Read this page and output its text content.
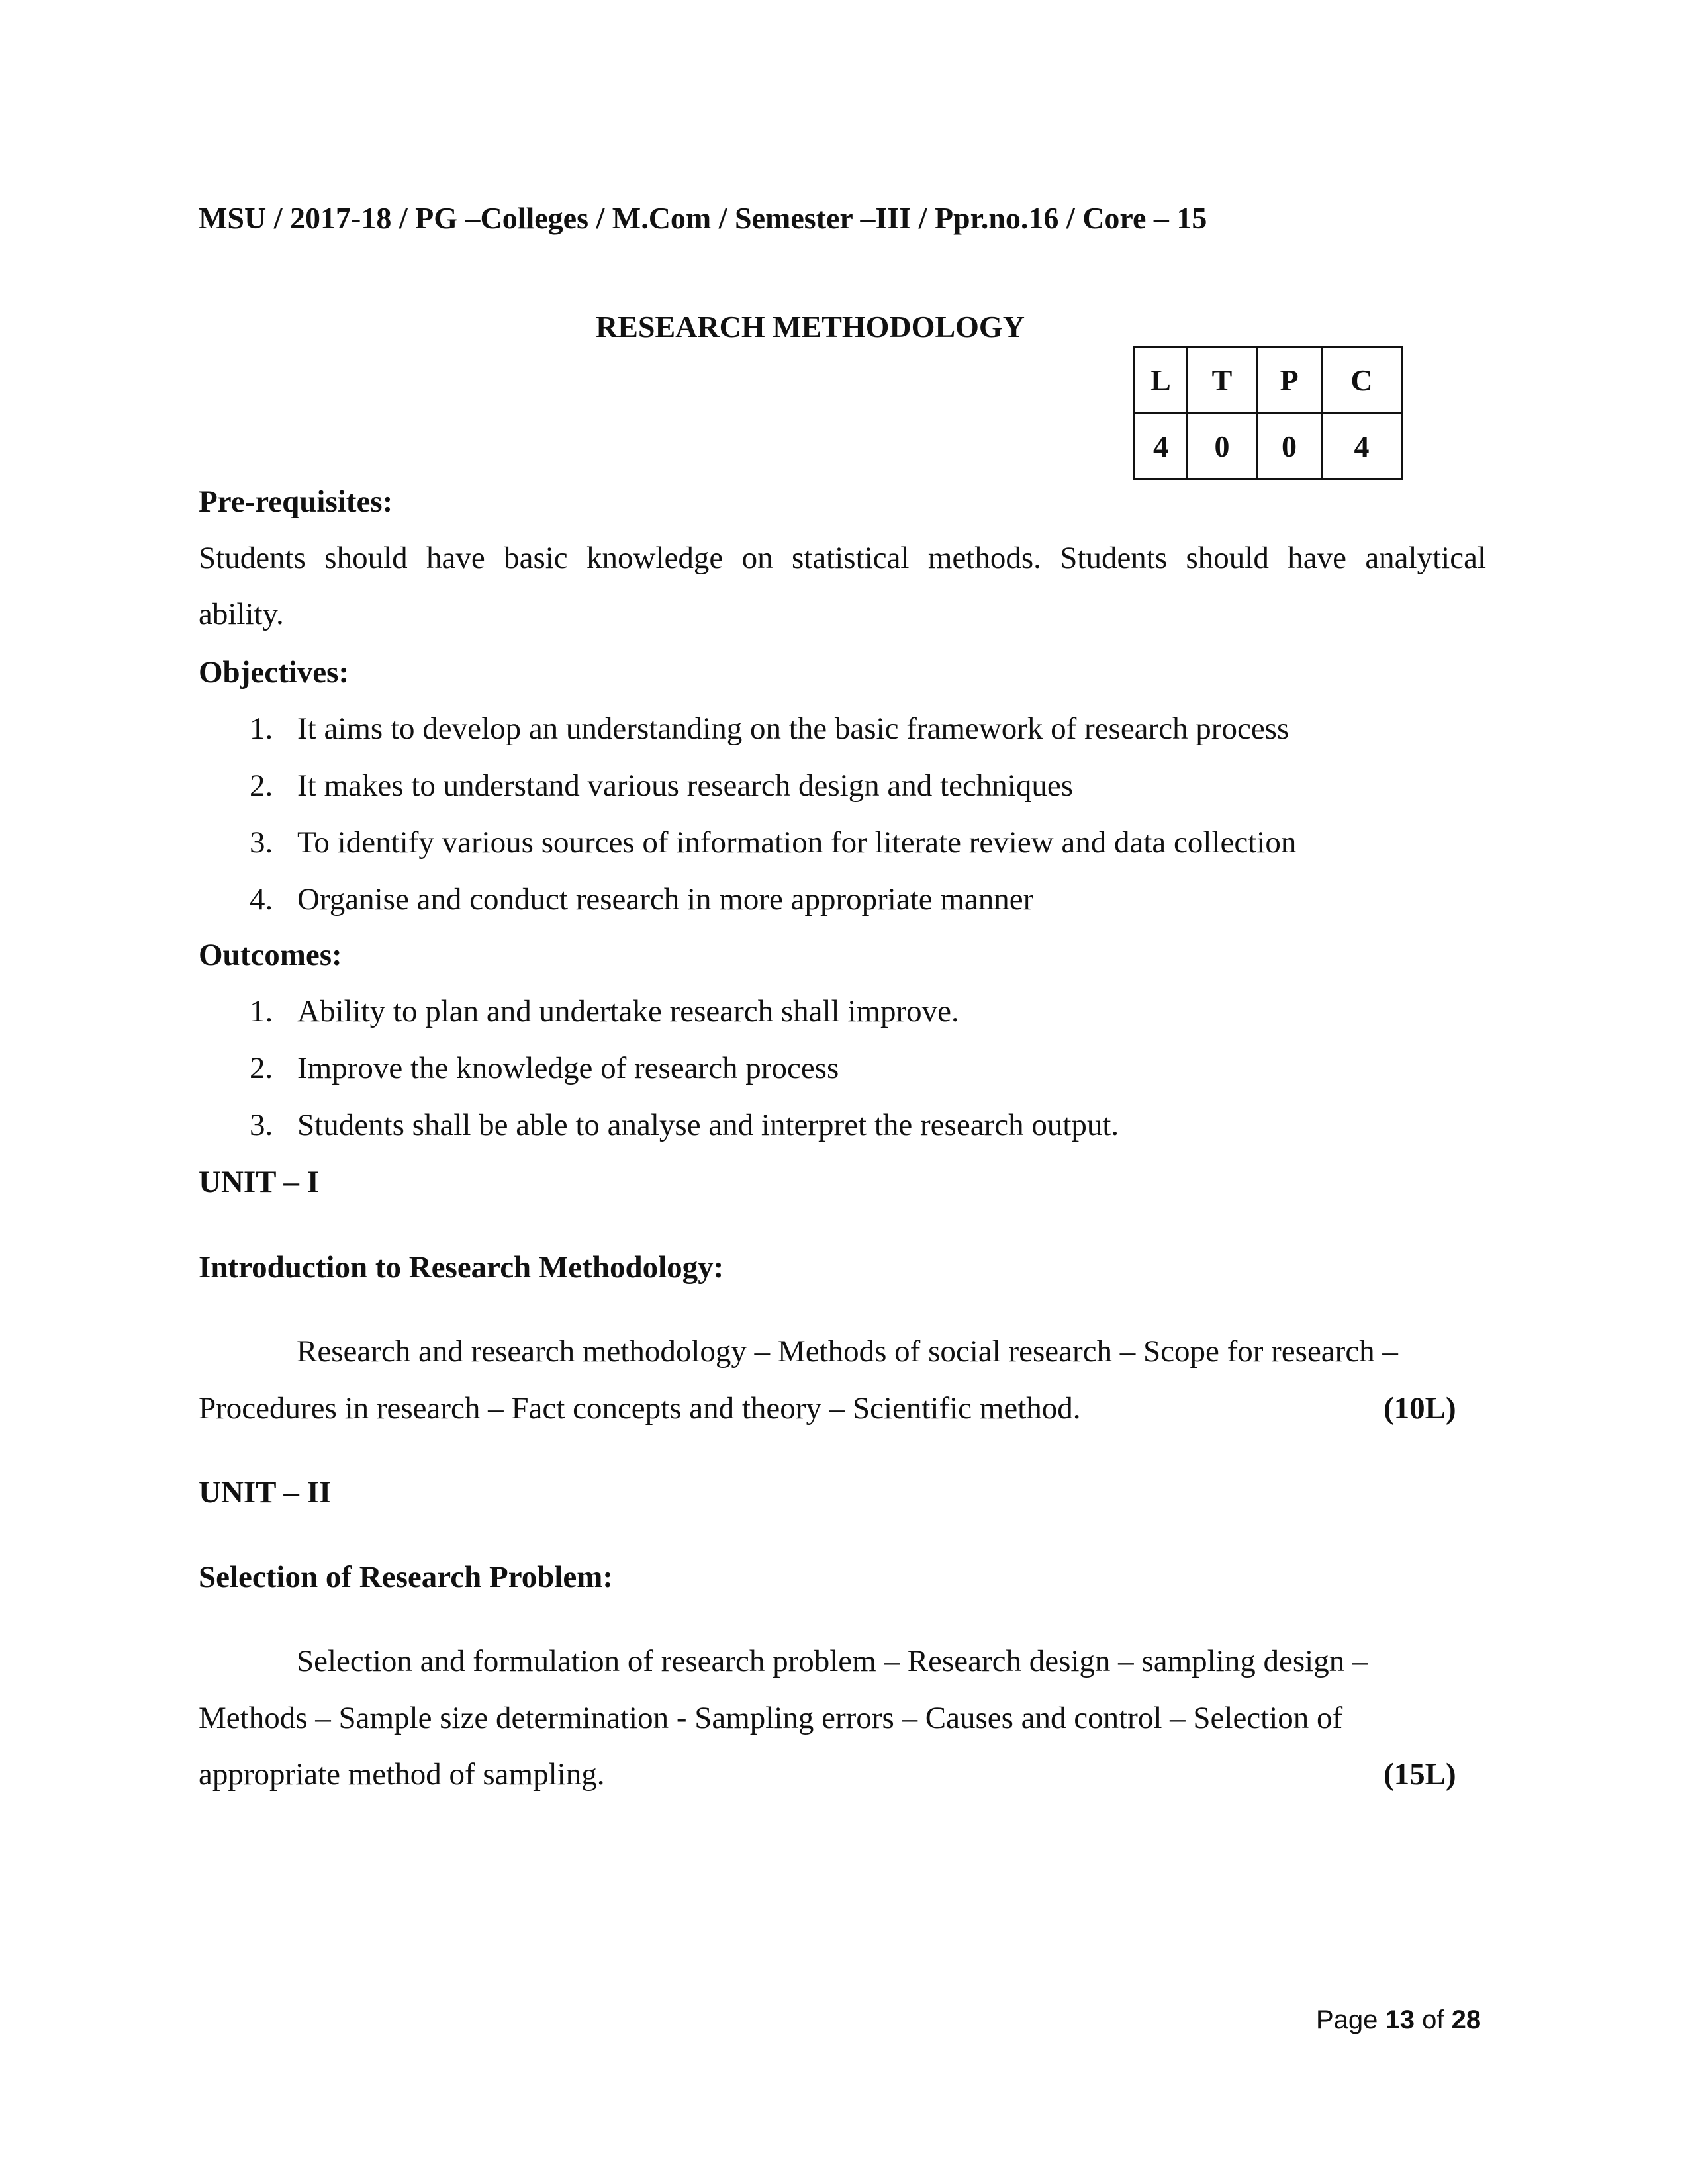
MSU / 2017-18 / PG –Colleges / M.Com / Semester –III / Ppr.no.16 / Core – 15

RESEARCH METHODOLOGY

L	T	P	C
4	0	0	4

Pre-requisites:

Students should have basic knowledge on statistical methods. Students should have analytical

ability.

Objectives:

1. It aims to develop an understanding on the basic framework of research process
2. It makes to understand various research design and techniques
3. To identify various sources of information for literate review and data collection
4. Organise and conduct research in more appropriate manner

Outcomes:

1. Ability to plan and undertake research shall improve.
2. Improve the knowledge of research process
3. Students shall be able to analyse and interpret the research output.

UNIT – I

Introduction to Research Methodology:

Research and research methodology – Methods of social research – Scope for research –

Procedures in research – Fact concepts and theory – Scientific method.	(10L)

UNIT – II

Selection of Research Problem:

Selection and formulation of research problem – Research design – sampling design –

Methods – Sample size determination - Sampling errors – Causes and control – Selection of

appropriate method of sampling.	(15L)

Page 13 of 28
